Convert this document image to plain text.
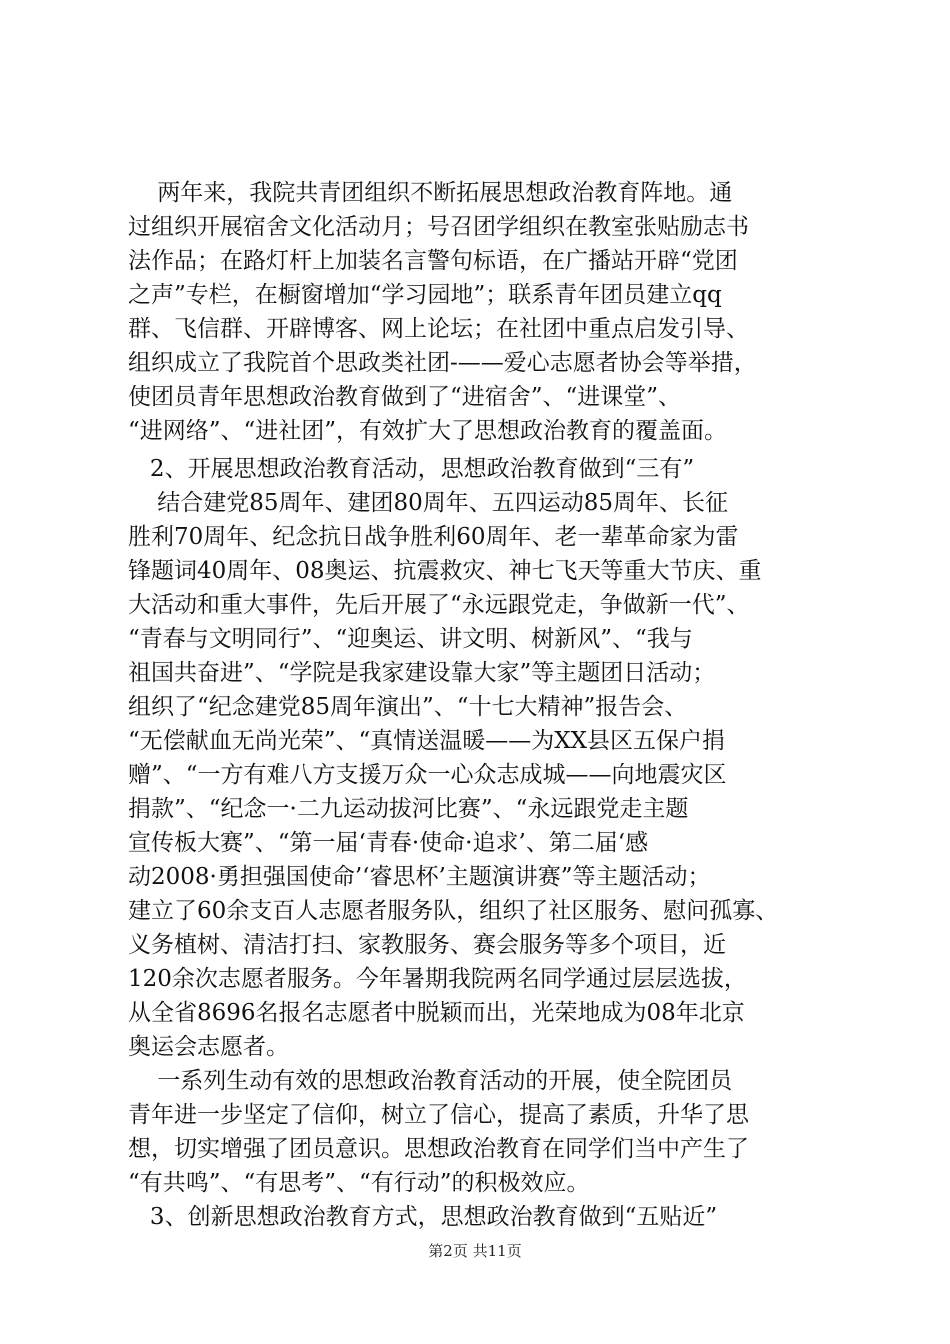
两年来，我院共青团组织不断拓展思想政治教育阵地。通
过组织开展宿舍文化活动月；号召团学组织在教室张贴励志书
法作品；在路灯杆上加装名言警句标语，在广播站开辟“党团
之声”专栏，在橱窗增加“学习园地”；联系青年团员建立qq
群、飞信群、开辟博客、网上论坛；在社团中重点启发引导、
组织成立了我院首个思政类社团-——爱心志愿者协会等举措，
使团员青年思想政治教育做到了“进宿舍”、“进课堂”、
“进网络”、“进社团”，有效扩大了思想政治教育的覆盖面。
2、开展思想政治教育活动，思想政治教育做到“三有”
结合建党85周年、建团80周年、五四运动85周年、长征
胜利70周年、纪念抗日战争胜利60周年、老一辈革命家为雷
锋题词40周年、08奥运、抗震救灾、神七飞天等重大节庆、重
大活动和重大事件，先后开展了“永远跟党走，争做新一代”、
“青春与文明同行”、“迎奥运、讲文明、树新风”、“我与
祖国共奋进”、“学院是我家建设靠大家”等主题团日活动；
组织了“纪念建党85周年演出”、“十七大精神”报告会、
“无偿献血无尚光荣”、“真情送温暖——为XX县区五保户捐
赠”、“一方有难八方支援万众一心众志成城——向地震灾区
捐款”、“纪念一·二九运动拔河比赛”、“永远跟党走主题
宣传板大赛”、“第一届‘青春·使命·追求’、第二届‘感
动2008·勇担强国使命’‘睿思杯’主题演讲赛”等主题活动；
建立了60余支百人志愿者服务队，组织了社区服务、慰问孤寡、
义务植树、清洁打扫、家教服务、赛会服务等多个项目，近
120余次志愿者服务。今年暑期我院两名同学通过层层选拔，
从全省8696名报名志愿者中脱颖而出，光荣地成为08年北京
奥运会志愿者。
一系列生动有效的思想政治教育活动的开展，使全院团员
青年进一步坚定了信仰，树立了信心，提高了素质，升华了思
想，切实增强了团员意识。思想政治教育在同学们当中产生了
“有共鸣”、“有思考”、“有行动”的积极效应。
3、创新思想政治教育方式，思想政治教育做到“五贴近”
第2页 共11页
